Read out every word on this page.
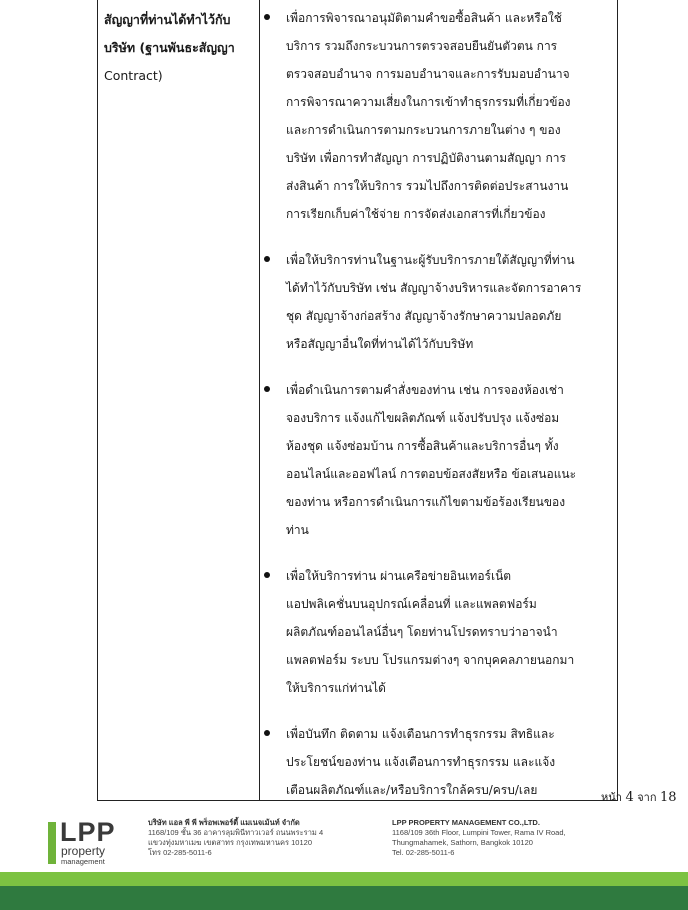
สัญญาที่ท่านได้ทำไว้กับ
บริษัท (ฐานพันธะสัญญา
Contract)
เพื่อการพิจารณาอนุมัติตามคำขอซื้อสินค้า และหรือใช้
บริการ รวมถึงกระบวนการตรวจสอบยืนยันตัวตน การ
ตรวจสอบอำนาจ การมอบอำนาจและการรับมอบอำนาจ
การพิจารณาความเสี่ยงในการเข้าทำธุรกรรมที่เกี่ยวข้อง
และการดำเนินการตามกระบวนการภายในต่าง ๆ ของ
บริษัท เพื่อการทำสัญญา การปฏิบัติงานตามสัญญา การ
ส่งสินค้า การให้บริการ รวมไปถึงการติดต่อประสานงาน
การเรียกเก็บค่าใช้จ่าย การจัดส่งเอกสารที่เกี่ยวข้อง
เพื่อให้บริการท่านในฐานะผู้รับบริการภายใต้สัญญาที่ท่าน
ได้ทำไว้กับบริษัท เช่น สัญญาจ้างบริหารและจัดการอาคาร
ชุด สัญญาจ้างก่อสร้าง สัญญาจ้างรักษาความปลอดภัย
หรือสัญญาอื่นใดที่ท่านได้ไว้กับบริษัท
เพื่อดำเนินการตามคำสั่งของท่าน เช่น การจองห้องเช่า
จองบริการ แจ้งแก้ไขผลิตภัณฑ์ แจ้งปรับปรุง แจ้งซ่อม
ห้องชุด แจ้งซ่อมบ้าน การซื้อสินค้าและบริการอื่นๆ ทั้ง
ออนไลน์และออฟไลน์ การตอบข้อสงสัยหรือ ข้อเสนอแนะ
ของท่าน หรือการดำเนินการแก้ไขตามข้อร้องเรียนของ
ท่าน
เพื่อให้บริการท่าน ผ่านเครือข่ายอินเทอร์เน็ต
แอปพลิเคชั่นบนอุปกรณ์เคลื่อนที่ และแพลตฟอร์ม
ผลิตภัณฑ์ออนไลน์อื่นๆ โดยท่านโปรดทราบว่าอาจนำ
แพลตฟอร์ม ระบบ โปรแกรมต่างๆ จากบุคคลภายนอกมา
ให้บริการแก่ท่านได้
เพื่อบันทึก ติดตาม แจ้งเตือนการทำธุรกรรม สิทธิและ
ประโยชน์ของท่าน แจ้งเตือนการทำธุรกรรม และแจ้ง
เตือนผลิตภัณฑ์และ/หรือบริการใกล้ครบ/ครบ/เลย
หน้า 4 จาก 18
LPP
property
management
บริษัท แอล พี พี พร็อพเพอร์ตี้ แมเนจเม้นท์ จำกัด
1168/109 ชั้น 36 อาคารลุมพินีทาวเวอร์ ถนนพระราม 4
แขวงทุ่งมหาเมฆ เขตสาทร กรุงเทพมหานคร 10120
โทร 02-285-5011-6
LPP PROPERTY MANAGEMENT CO.,LTD.
1168/109 36th Floor, Lumpini Tower, Rama IV Road,
Thungmahamek, Sathorn, Bangkok 10120
Tel. 02-285-5011-6
